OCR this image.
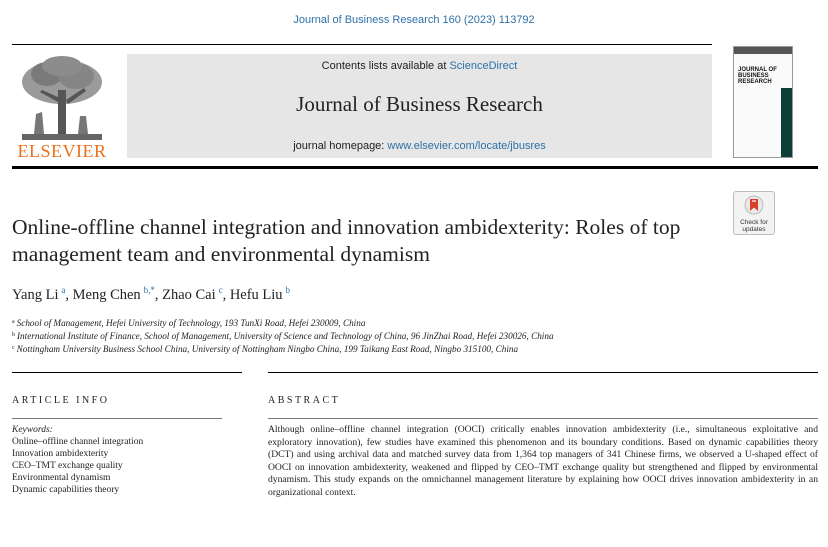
Journal of Business Research 160 (2023) 113792
ELSEVIER
Contents lists available at ScienceDirect
Journal of Business Research
journal homepage: www.elsevier.com/locate/jbusres
JOURNAL OF BUSINESS RESEARCH
Check for
updates
Online-offline channel integration and innovation ambidexterity: Roles of top management team and environmental dynamism
Yang Li  $^a$, Meng Chen  $^{b,*}$, Zhao Cai  $^c$, Hefu Liu  $^b$
$^a$ School of Management, Hefei University of Technology, 193 TunXi Road, Hefei 230009, China
$^b$ International Institute of Finance, School of Management, University of Science and Technology of China, 96 JinZhai Road, Hefei 230026, China
$^c$ Nottingham University Business School China, University of Nottingham Ningbo China, 199 Taikang East Road, Ningbo 315100, China
ARTICLE INFO	ABSTRACT
Keywords:
Online–offline channel integration
Innovation ambidexterity
CEO–TMT exchange quality
Environmental dynamism
Dynamic capabilities theory
Although online–offline channel integration (OOCI) critically enables innovation ambidexterity (i.e., simultaneous exploitative and exploratory innovation), few studies have examined this phenomenon and its boundary conditions. Based on dynamic capabilities theory (DCT) and using archival data and matched survey data from 1,364 top managers of 341 Chinese firms, we observed a U-shaped effect of OOCI on innovation ambidexterity, weakened and flipped by CEO–TMT exchange quality but strengthened and flipped by environmental dynamism. This study expands on the omnichannel management literature by explaining how OOCI drives innovation ambidexterity in an organizational context.
